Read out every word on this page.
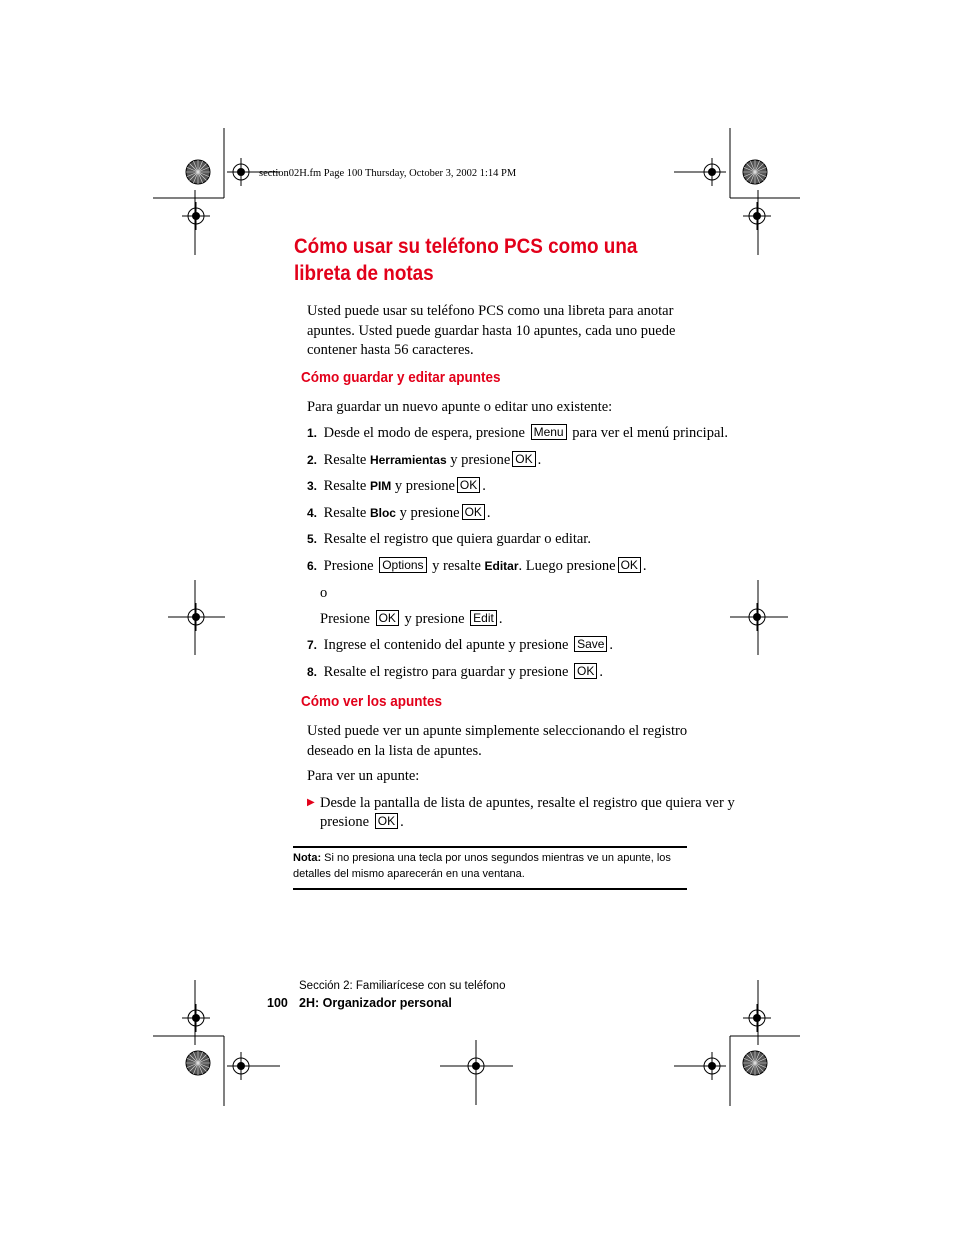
section02H.fm Page 100 Thursday, October 3, 2002 1:14 PM
Cómo usar su teléfono PCS como una libreta de notas
Usted puede usar su teléfono PCS como una libreta para anotar apuntes. Usted puede guardar hasta 10 apuntes, cada uno puede contener hasta 56 caracteres.
Cómo guardar y editar apuntes
Para guardar un nuevo apunte o editar uno existente:
1. Desde el modo de espera, presione Menu para ver el menú principal.
2. Resalte Herramientas y presione OK .
3. Resalte PIM y presione OK .
4. Resalte Bloc y presione OK .
5. Resalte el registro que quiera guardar o editar.
6. Presione Options y resalte Editar. Luego presione OK .
o
Presione OK y presione Edit .
7. Ingrese el contenido del apunte y presione Save .
8. Resalte el registro para guardar y presione OK .
Cómo ver los apuntes
Usted puede ver un apunte simplemente seleccionando el registro deseado en la lista de apuntes.
Para ver un apunte:
▶ Desde la pantalla de lista de apuntes, resalte el registro que quiera ver y
presione OK .
Nota: Si no presiona una tecla por unos segundos mientras ve un apunte, los detalles del mismo aparecerán en una ventana.
Sección 2: Familiarícese con su teléfono
100 2H: Organizador personal
